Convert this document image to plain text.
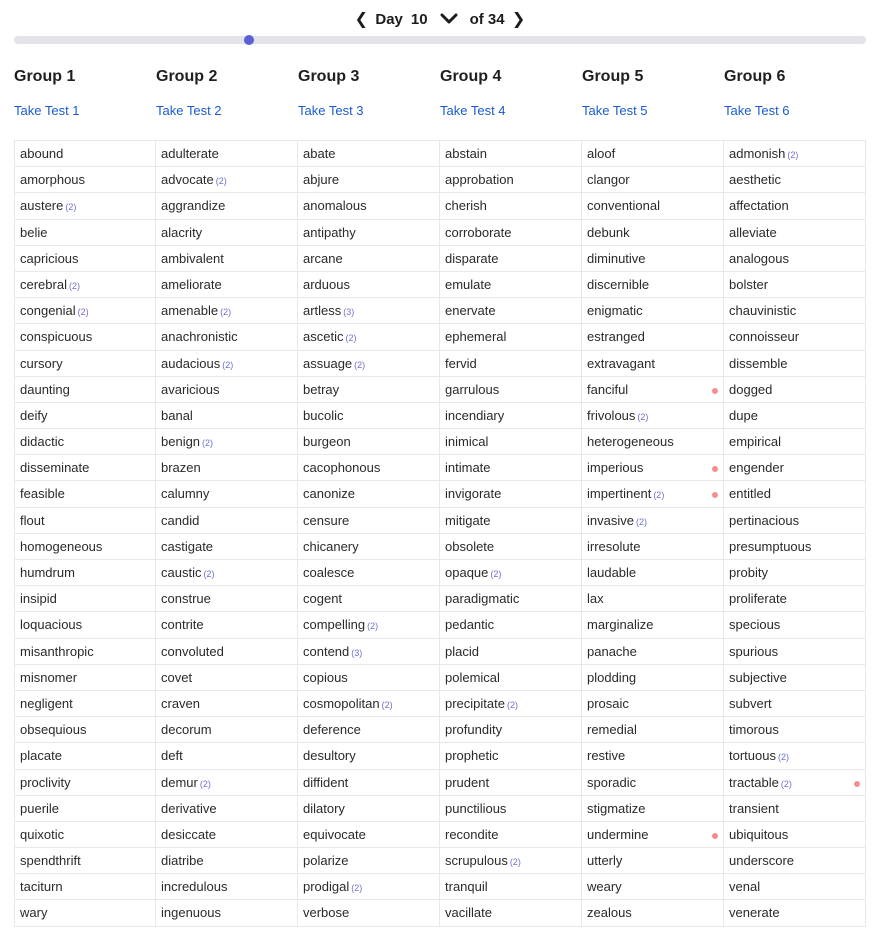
❮ Day 10	of 34 ❯
Group 1
Take Test 1
abound
amorphous
austere (2)
belie
capricious
cerebral (2)
congenial (2)
conspicuous
cursory
daunting
deify
didactic
disseminate
feasible
flout
homogeneous
humdrum
insipid
loquacious
misanthropic
misnomer
negligent
obsequious
placate
proclivity
puerile
quixotic
spendthrift
taciturn
wary
Group 2
Take Test 2
adulterate
advocate (2)
aggrandize
alacrity
ambivalent
ameliorate
amenable (2)
anachronistic
audacious (2)
avaricious
banal
benign (2)
brazen
calumny
candid
castigate
caustic (2)
construe
contrite
convoluted
covet
craven
decorum
deft
demur (2)
derivative
desiccate
diatribe
incredulous
ingenuous
Group 3
Take Test 3
abate
abjure
anomalous
antipathy
arcane
arduous
artless (3)
ascetic (2)
assuage (2)
betray
bucolic
burgeon
cacophonous
canonize
censure
chicanery
coalesce
cogent
compelling (2)
contend (3)
copious
cosmopolitan (2)
deference
desultory
diffident
dilatory
equivocate
polarize
prodigal (2)
verbose
Group 4
Take Test 4
abstain
approbation
cherish
corroborate
disparate
emulate
enervate
ephemeral
fervid
garrulous
incendiary
inimical
intimate
invigorate
mitigate
obsolete
opaque (2)
paradigmatic
pedantic
placid
polemical
precipitate (2)
profundity
prophetic
prudent
punctilious
recondite
scrupulous (2)
tranquil
vacillate
Group 5
Take Test 5
aloof
clangor
conventional
debunk
diminutive
discernible
enigmatic
estranged
extravagant
fanciful
frivolous (2)
heterogeneous
imperious
impertinent (2)
invasive (2)
irresolute
laudable
lax
marginalize
panache
plodding
prosaic
remedial
restive
sporadic
stigmatize
undermine
utterly
weary
zealous
Group 6
Take Test 6
admonish (2)
aesthetic
affectation
alleviate
analogous
bolster
chauvinistic
connoisseur
dissemble
dogged
dupe
empirical
engender
entitled
pertinacious
presumptuous
probity
proliferate
specious
spurious
subjective
subvert
timorous
tortuous (2)
tractable (2)
transient
ubiquitous
underscore
venal
venerate
